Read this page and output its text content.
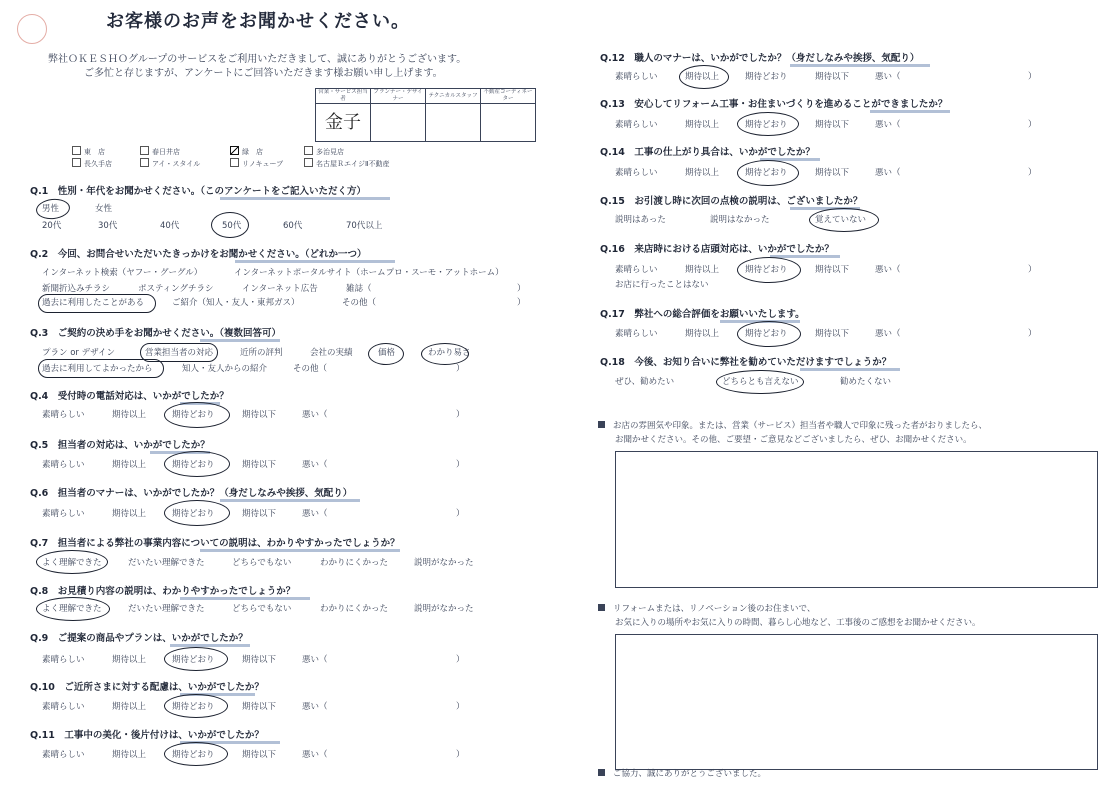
お客様のお声をお聞かせください。
弊社ＯＫＥＳＨＯグループのサービスをご利用いただきまして、誠にありがとうございます。
ご多忙と存じますが、アンケートにご回答いただきます様お願い申し上げます。
営業・サービス担当者	プランナー・デザイナー	テクニカルスタッフ	不動産コーディネーター
金子			
東　店	春日井店	緑　店	多治見店
長久手店	アイ・スタイル	リノキューブ	名古屋ＲエイジⅡ不動産
Q.1　性別・年代をお聞かせください。（このアンケートをご記入いただく方）
男性	女性
20代	30代	40代	50代	60代	70代以上
Q.2　今回、お問合せいただいたきっかけをお聞かせください。（どれか一つ）
インターネット検索（ヤフー・グーグル）	インターネットポータルサイト（ホームプロ・スーモ・アットホーム）
新聞折込みチラシ	ポスティングチラシ	インターネット広告	雑誌（	）
過去に利用したことがある	ご紹介（知人・友人・東邦ガス）	その他（	）
Q.3　ご契約の決め手をお聞かせください。（複数回答可）
プラン or デザイン	営業担当者の対応	近所の評判	会社の実績	価格	わかり易さ
過去に利用してよかったから	知人・友人からの紹介	その他（	）
Q.4　受付時の電話対応は、いかがでしたか？
素晴らしい	期待以上	期待どおり	期待以下	悪い（	）
Q.5　担当者の対応は、いかがでしたか？
素晴らしい	期待以上	期待どおり	期待以下	悪い（	）
Q.6　担当者のマナーは、いかがでしたか？（身だしなみや挨拶、気配り）
素晴らしい	期待以上	期待どおり	期待以下	悪い（	）
Q.7　担当者による弊社の事業内容についての説明は、わかりやすかったでしょうか？
よく理解できた	だいたい理解できた	どちらでもない	わかりにくかった	説明がなかった
Q.8　お見積り内容の説明は、わかりやすかったでしょうか？
よく理解できた	だいたい理解できた	どちらでもない	わかりにくかった	説明がなかった
Q.9　ご提案の商品やプランは、いかがでしたか？
素晴らしい	期待以上	期待どおり	期待以下	悪い（	）
Q.10　ご近所さまに対する配慮は、いかがでしたか？
素晴らしい	期待以上	期待どおり	期待以下	悪い（	）
Q.11　工事中の美化・後片付けは、いかがでしたか？
素晴らしい	期待以上	期待どおり	期待以下	悪い（	）
Q.12　職人のマナーは、いかがでしたか？（身だしなみや挨拶、気配り）
素晴らしい	期待以上	期待どおり	期待以下	悪い（	）
Q.13　安心してリフォーム工事・お住まいづくりを進めることができましたか？
素晴らしい	期待以上	期待どおり	期待以下	悪い（	）
Q.14　工事の仕上がり具合は、いかがでしたか？
素晴らしい	期待以上	期待どおり	期待以下	悪い（	）
Q.15　お引渡し時に次回の点検の説明は、ございましたか？
説明はあった	説明はなかった	覚えていない
Q.16　来店時における店頭対応は、いかがでしたか？
素晴らしい	期待以上	期待どおり	期待以下	悪い（	）
お店に行ったことはない
Q.17　弊社への総合評価をお願いいたします。
素晴らしい	期待以上	期待どおり	期待以下	悪い（	）
Q.18　今後、お知り合いに弊社を勧めていただけますでしょうか？
ぜひ、勧めたい	どちらとも言えない	勧めたくない
お店の雰囲気や印象。または、営業（サービス）担当者や職人で印象に残った者がおりましたら、
お聞かせください。その他、ご要望・ご意見などございましたら、ぜひ、お聞かせください。
リフォームまたは、リノベーション後のお住まいで、
お気に入りの場所やお気に入りの時間、暮らし心地など、工事後のご感想をお聞かせください。
ご協力、誠にありがとうございました。
